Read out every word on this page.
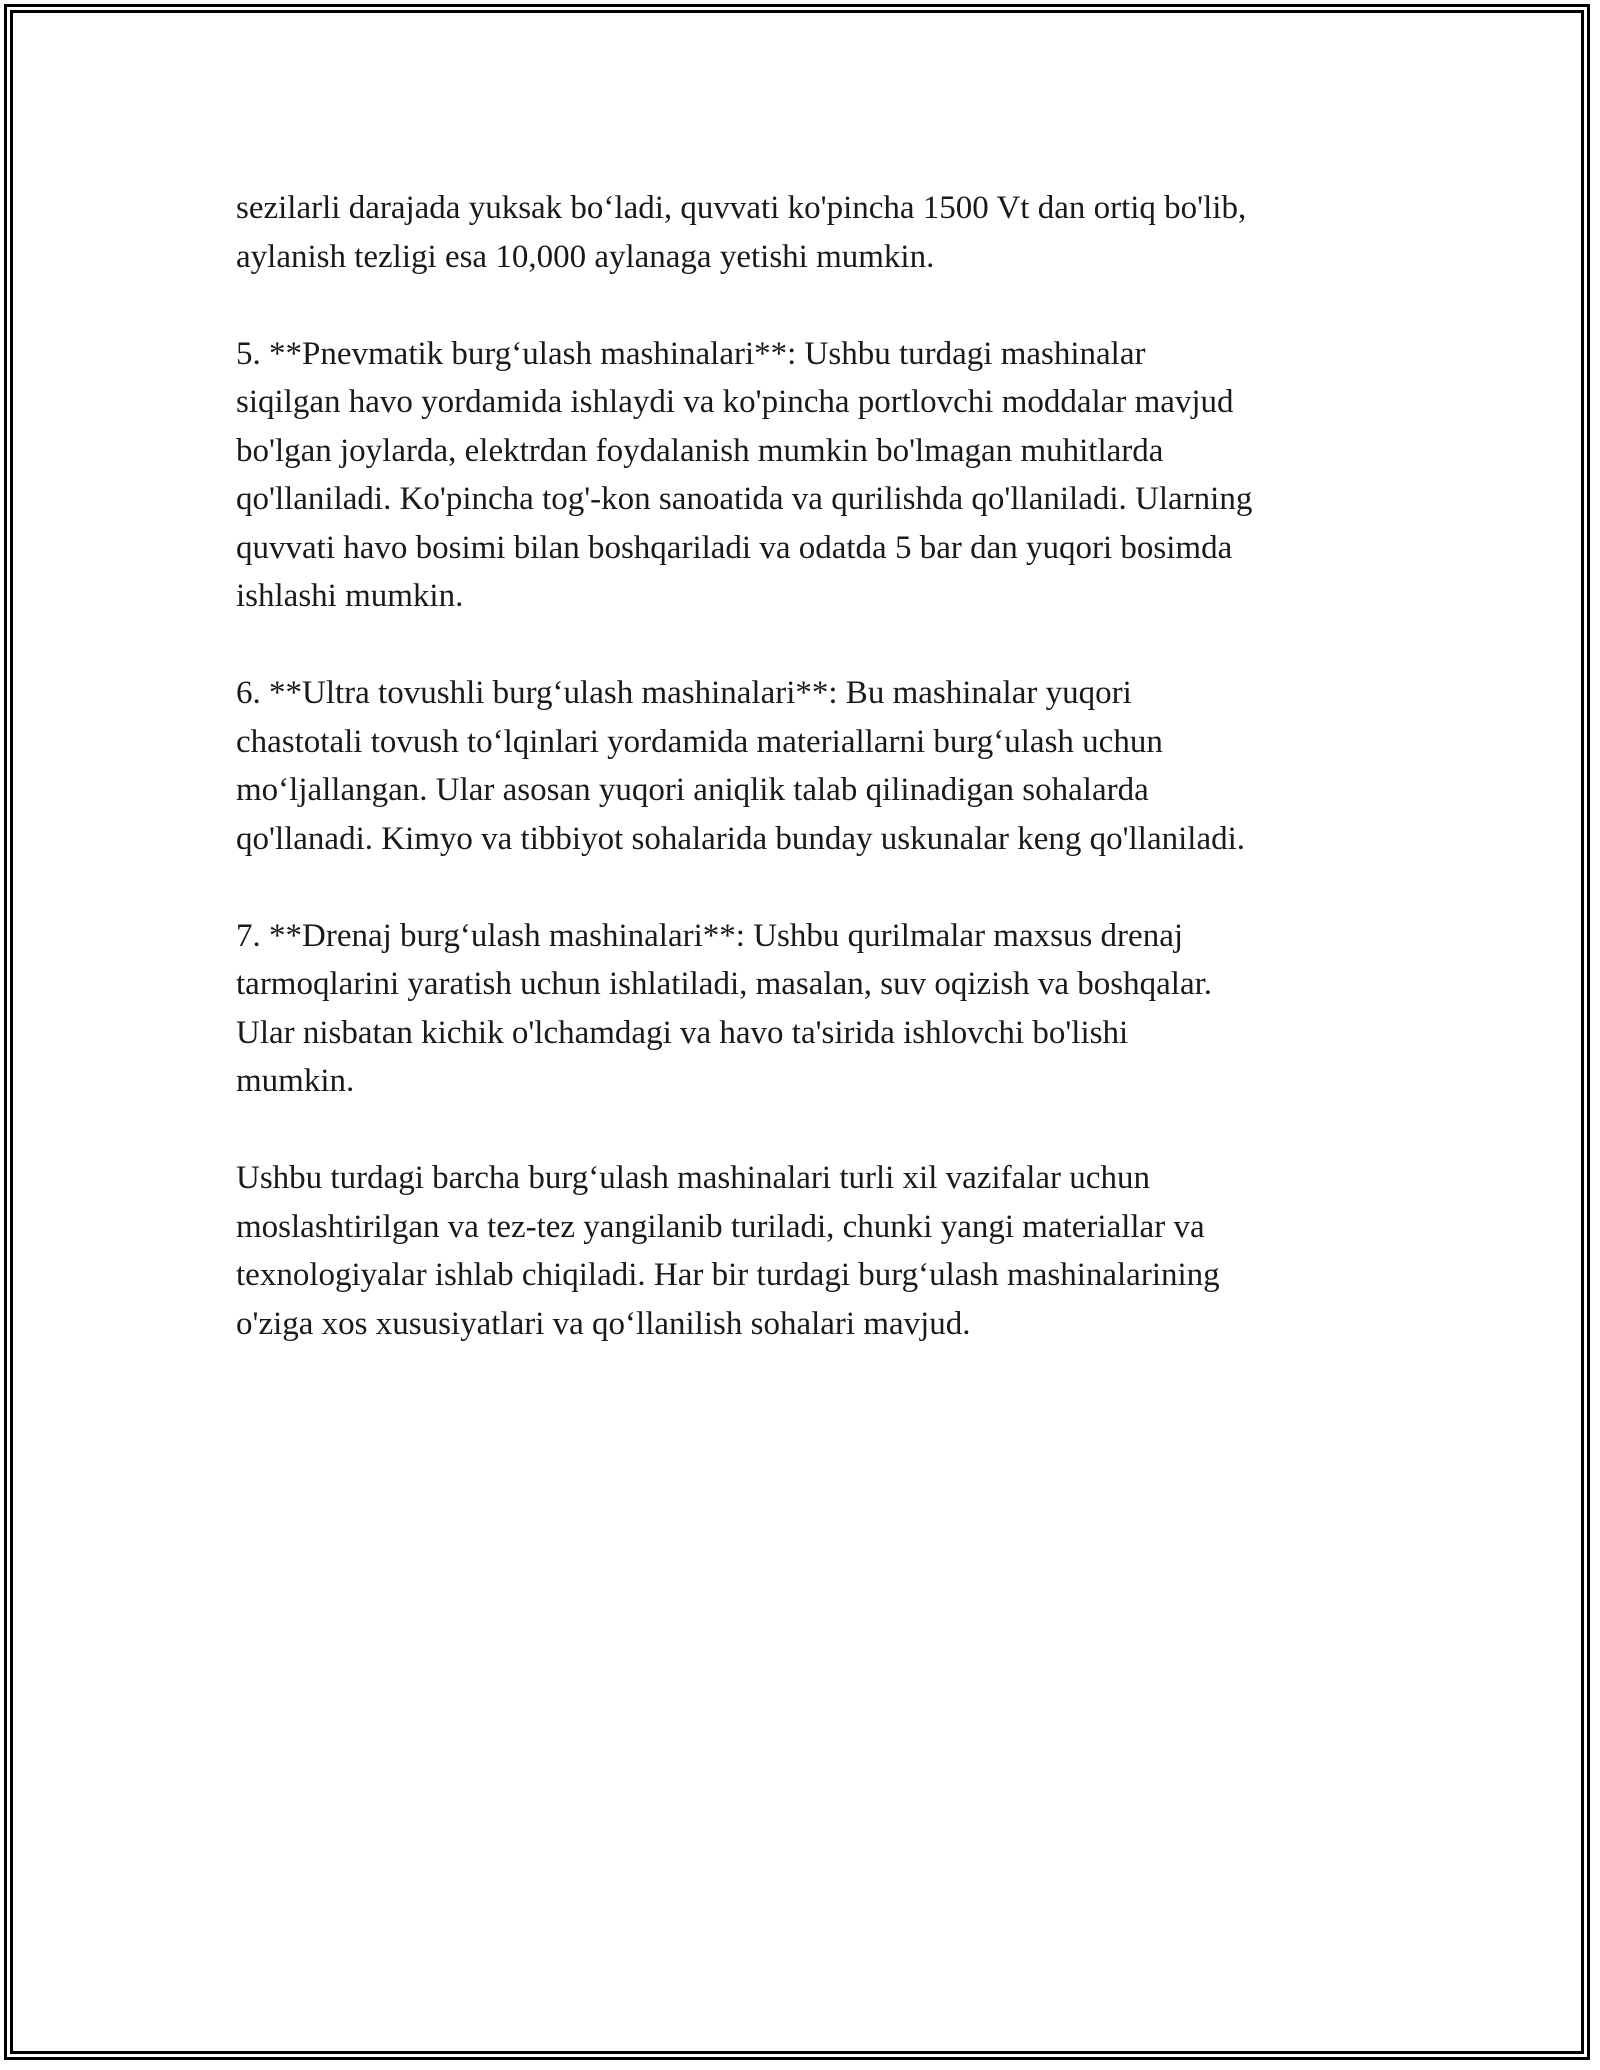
sezilarli darajada yuksak bo‘ladi, quvvati ko'pincha 1500 Vt dan ortiq bo'lib,
aylanish tezligi esa 10,000 aylanaga yetishi mumkin.

5. **Pnevmatik burg‘ulash mashinalari**: Ushbu turdagi mashinalar
siqilgan havo yordamida ishlaydi va ko'pincha portlovchi moddalar mavjud
bo'lgan joylarda, elektrdan foydalanish mumkin bo'lmagan muhitlarda
qo'llaniladi. Ko'pincha tog'-kon sanoatida va qurilishda qo'llaniladi. Ularning
quvvati havo bosimi bilan boshqariladi va odatda 5 bar dan yuqori bosimda
ishlashi mumkin.

6. **Ultra tovushli burg‘ulash mashinalari**: Bu mashinalar yuqori
chastotali tovush to‘lqinlari yordamida materiallarni burg‘ulash uchun
mo‘ljallangan. Ular asosan yuqori aniqlik talab qilinadigan sohalarda
qo'llanadi. Kimyo va tibbiyot sohalarida bunday uskunalar keng qo'llaniladi.

7. **Drenaj burg‘ulash mashinalari**: Ushbu qurilmalar maxsus drenaj
tarmoqlarini yaratish uchun ishlatiladi, masalan, suv oqizish va boshqalar.
Ular nisbatan kichik o'lchamdagi va havo ta'sirida ishlovchi bo'lishi
mumkin.

Ushbu turdagi barcha burg‘ulash mashinalari turli xil vazifalar uchun
moslashtirilgan va tez-tez yangilanib turiladi, chunki yangi materiallar va
texnologiyalar ishlab chiqiladi. Har bir turdagi burg‘ulash mashinalarining
o'ziga xos xususiyatlari va qo‘llanilish sohalari mavjud.
